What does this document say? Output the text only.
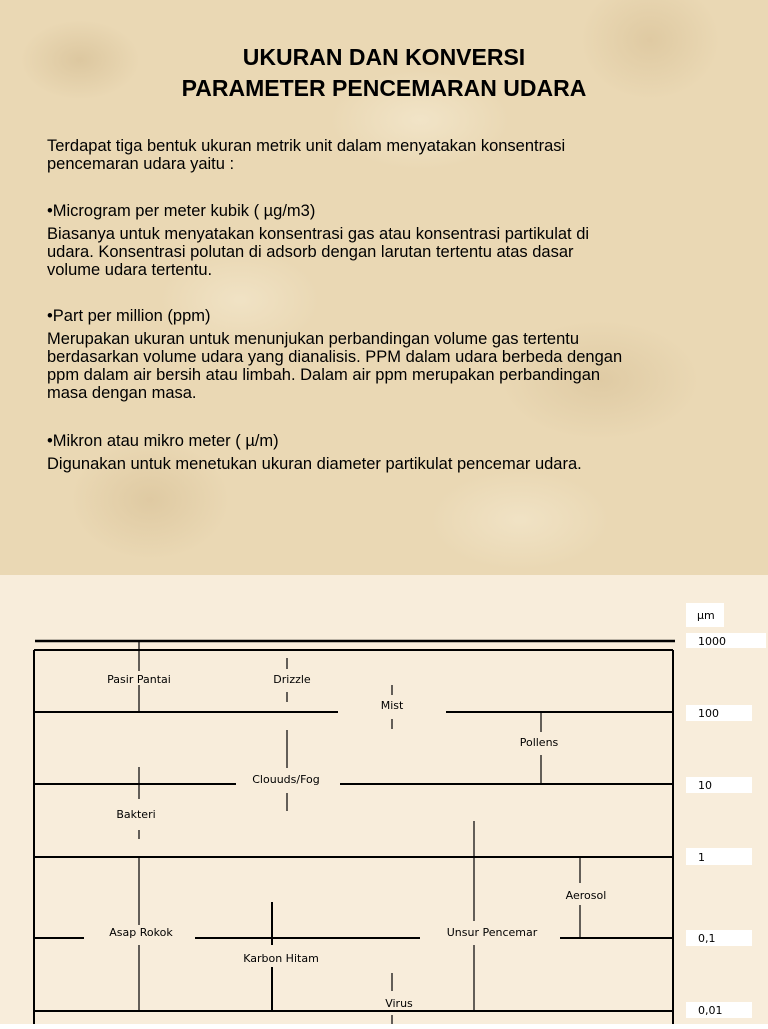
UKURAN DAN KONVERSI
PARAMETER PENCEMARAN UDARA
Terdapat tiga bentuk ukuran metrik unit dalam menyatakan konsentrasi
pencemaran udara yaitu :
•Microgram per meter kubik ( µg/m3)
Biasanya untuk menyatakan konsentrasi gas atau konsentrasi partikulat di
udara. Konsentrasi polutan di adsorb dengan larutan tertentu atas dasar
volume udara tertentu.
•Part per million (ppm)
Merupakan ukuran untuk menunjukan perbandingan volume gas tertentu
berdasarkan volume udara yang dianalisis. PPM dalam udara berbeda dengan
ppm dalam air bersih atau limbah. Dalam air ppm merupakan perbandingan
masa dengan masa.
•Mikron atau mikro meter ( µ/m)
Digunakan untuk menetukan ukuran diameter partikulat pencemar udara.
µm
1000
100
10
1
0,1
0,01
Pasir Pantai	Drizzle
Mist
Pollens
Clouuds/Fog
Bakteri
Aerosol
Asap Rokok	Unsur Pencemar
Karbon Hitam
Virus
